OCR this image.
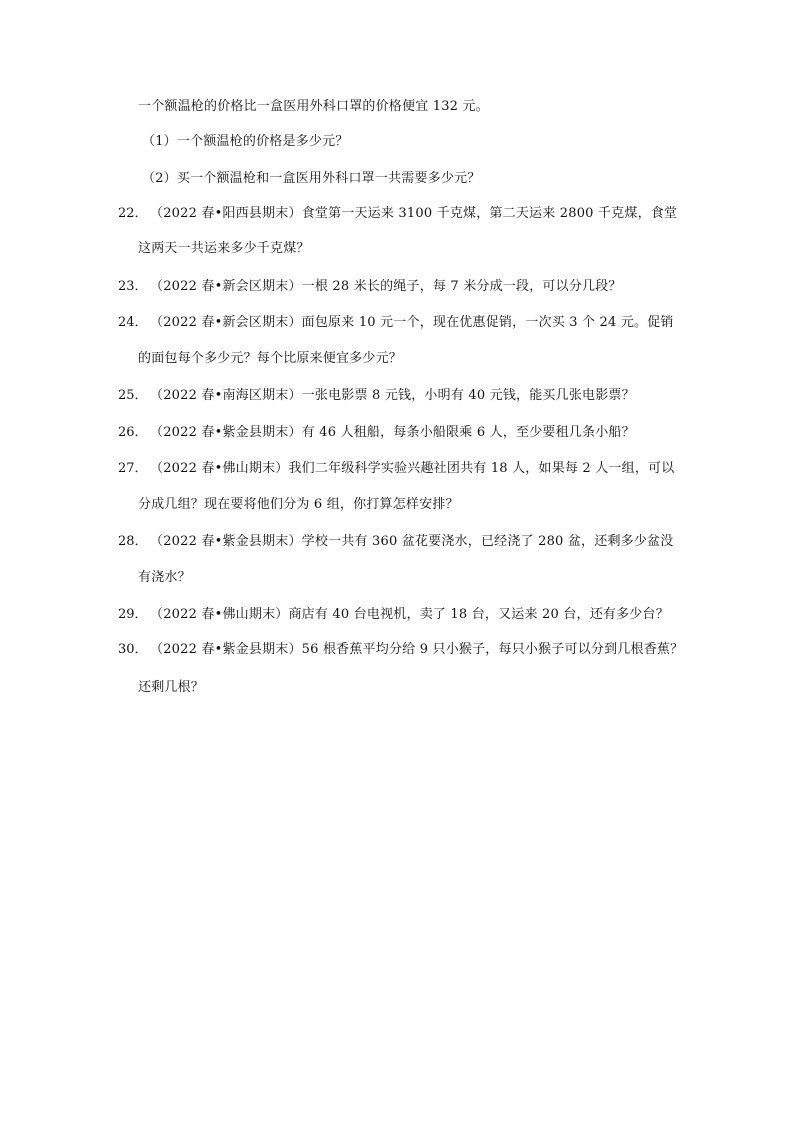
一个额温枪的价格比一盒医用外科口罩的价格便宜 132 元。
（1）一个额温枪的价格是多少元？
（2）买一个额温枪和一盒医用外科口罩一共需要多少元？
22． （2022 春•阳西县期末）食堂第一天运来 3100 千克煤，第二天运来 2800 千克煤，食堂
这两天一共运来多少千克煤？
23． （2022 春•新会区期末）一根 28 米长的绳子，每 7 米分成一段，可以分几段？
24． （2022 春•新会区期末）面包原来 10 元一个，现在优惠促销，一次买 3 个 24 元。促销
的面包每个多少元？每个比原来便宜多少元？
25． （2022 春•南海区期末）一张电影票 8 元钱，小明有 40 元钱，能买几张电影票？
26． （2022 春•紫金县期末）有 46 人租船，每条小船限乘 6 人，至少要租几条小船？
27． （2022 春•佛山期末）我们二年级科学实验兴趣社团共有 18 人，如果每 2 人一组，可以
分成几组？现在要将他们分为 6 组，你打算怎样安排？
28． （2022 春•紫金县期末）学校一共有 360 盆花要浇水，已经浇了 280 盆，还剩多少盆没
有浇水？
29． （2022 春•佛山期末）商店有 40 台电视机，卖了 18 台，又运来 20 台，还有多少台？
30． （2022 春•紫金县期末）56 根香蕉平均分给 9 只小猴子，每只小猴子可以分到几根香蕉？
还剩几根？
